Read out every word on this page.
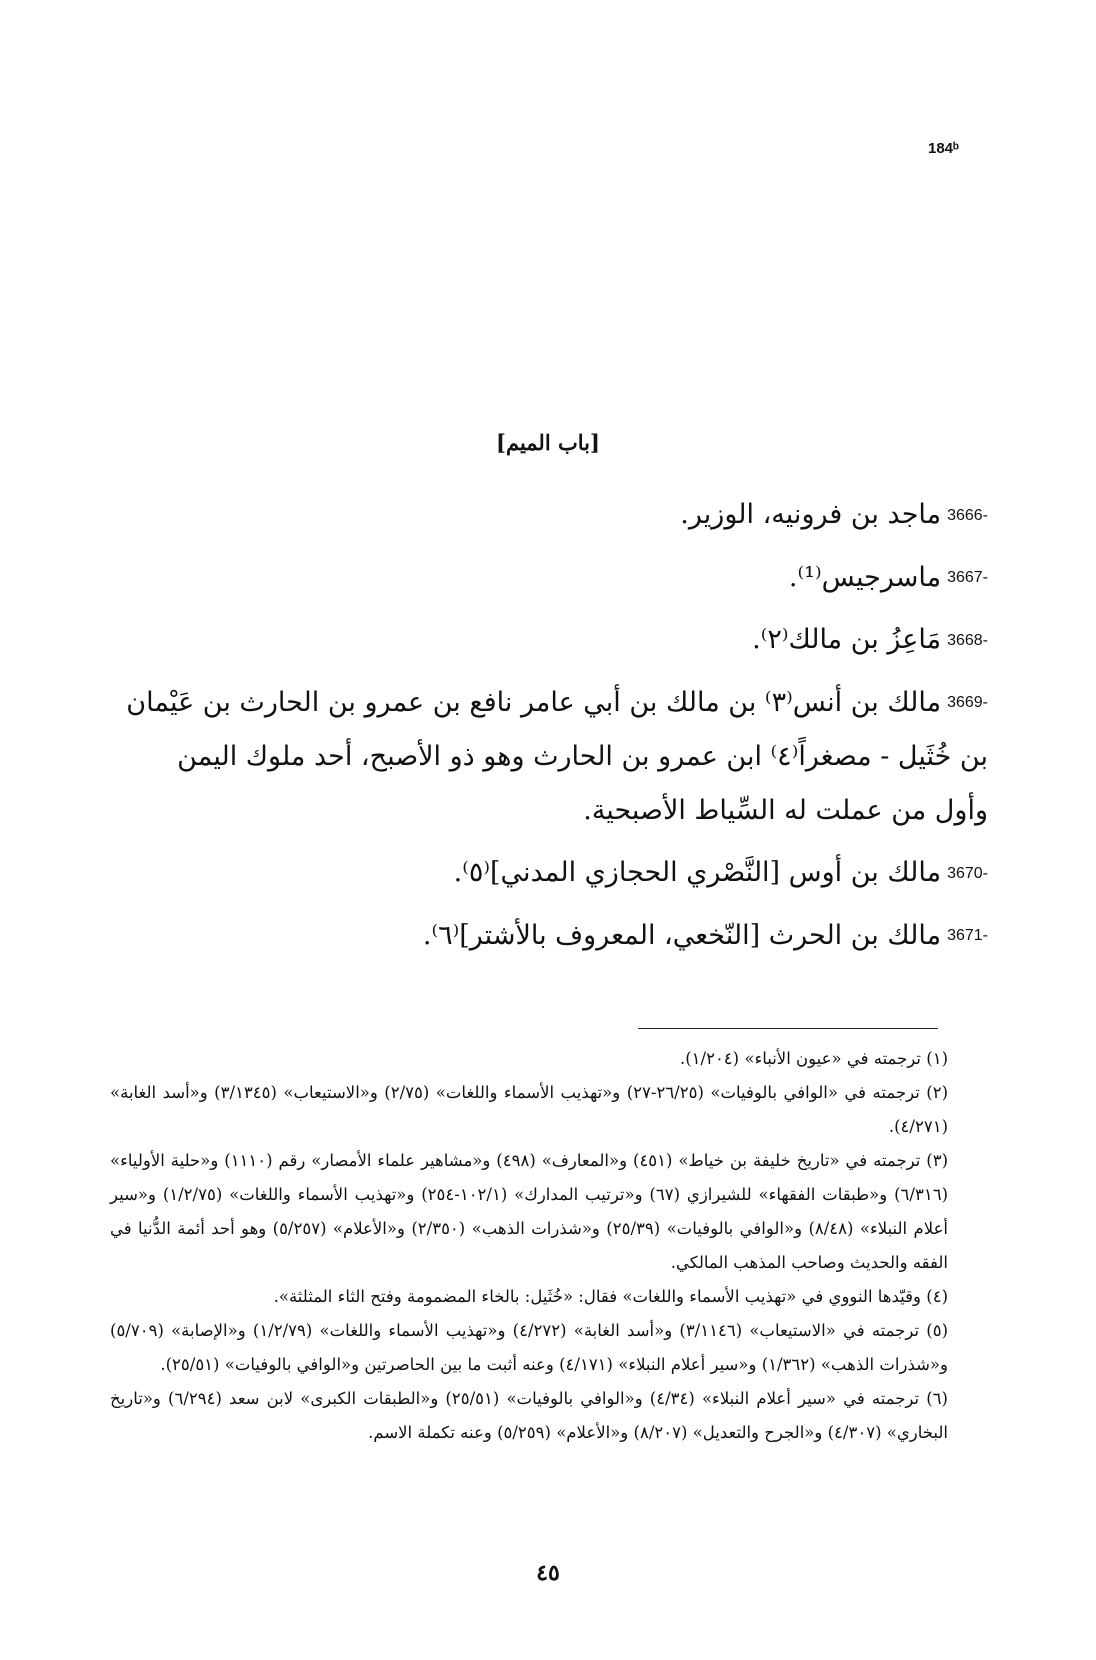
184ᵇ
[باب الميم]
3666-ماجد بن فرونيه، الوزير.
3667-ماسرجيس⁽¹⁾.
3668-مَاعِزُ بن مالك⁽٢⁾.
3669-مالك بن أنس⁽٣⁾ بن مالك بن أبي عامر نافع بن عمرو بن الحارث بن عَيْمان بن خُثَيل - مصغراً⁽٤⁾ ابن عمرو بن الحارث وهو ذو الأصبح، أحد ملوك اليمن وأول من عملت له السِّياط الأصبحية.
3670-مالك بن أوس [النَّصْري الحجازي المدني]⁽٥⁾.
3671-مالك بن الحرث [النّخعي، المعروف بالأشتر]⁽٦⁾.

(١) ترجمته في «عيون الأنباء» (١/٢٠٤).

(٢) ترجمته في «الوافي بالوفيات» (٢٦/٢٥-٢٧) و«تهذيب الأسماء واللغات» (٢/٧٥) و«الاستيعاب» (٣/١٣٤٥) و«أسد الغابة» (٤/٢٧١).

(٣) ترجمته في «تاريخ خليفة بن خياط» (٤٥١) و«المعارف» (٤٩٨) و«مشاهير علماء الأمصار» رقم (١١١٠) و«حلية الأولياء» (٦/٣١٦) و«طبقات الفقهاء» للشيرازي (٦٧) و«ترتيب المدارك» (١٠٢/١-٢٥٤) و«تهذيب الأسماء واللغات» (١/٢/٧٥) و«سير أعلام النبلاء» (٨/٤٨) و«الوافي بالوفيات» (٢٥/٣٩) و«شذرات الذهب» (٢/٣٥٠) و«الأعلام» (٥/٢٥٧) وهو أحد أئمة الدُّنيا في الفقه والحديث وصاحب المذهب المالكي.

(٤) وقيّدها النووي في «تهذيب الأسماء واللغات» فقال: «خُثَيل: بالخاء المضمومة وفتح الثاء المثلثة».

(٥) ترجمته في «الاستيعاب» (٣/١١٤٦) و«أسد الغابة» (٤/٢٧٢) و«تهذيب الأسماء واللغات» (١/٢/٧٩) و«الإصابة» (٥/٧٠٩) و«شذرات الذهب» (١/٣٦٢) و«سير أعلام النبلاء» (٤/١٧١) وعنه أثبت ما بين الحاصرتين و«الوافي بالوفيات» (٢٥/٥١).

(٦) ترجمته في «سير أعلام النبلاء» (٤/٣٤) و«الوافي بالوفيات» (٢٥/٥١) و«الطبقات الكبرى» لابن سعد (٦/٢٩٤) و«تاريخ البخاري» (٤/٣٠٧) و«الجرح والتعديل» (٨/٢٠٧) و«الأعلام» (٥/٢٥٩) وعنه تكملة الاسم.

٤٥
